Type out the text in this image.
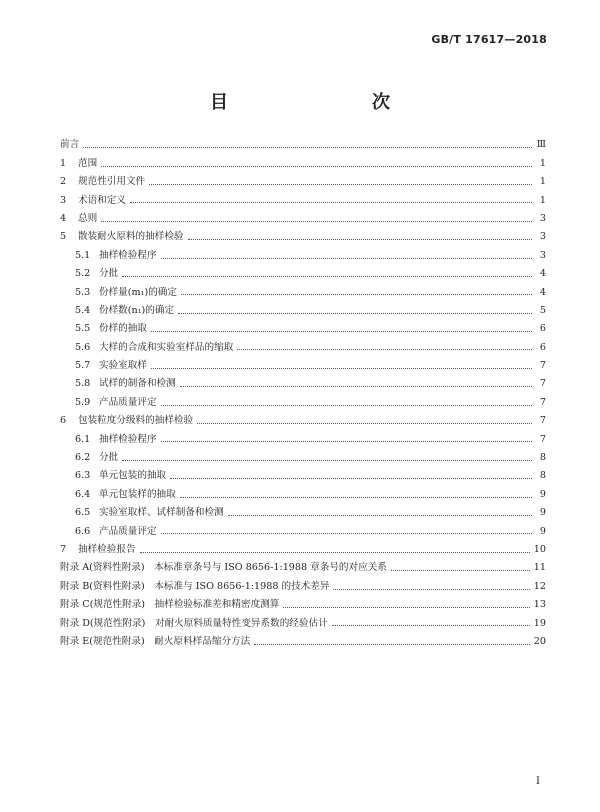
GB/T 17617—2018
目　　次
前言	Ⅲ
1	范围	1
2	规范性引用文件	1
3	术语和定义	1
4	总则	3
5	散装耐火原料的抽样检验	3
5.1 抽样检验程序	3
5.2 分批	4
5.3 份样量(m₁)的确定	4
5.4 份样数(n₁)的确定	5
5.5 份样的抽取	6
5.6 大样的合成和实验室样品的缩取	6
5.7 实验室取样	7
5.8 试样的制备和检测	7
5.9 产品质量评定	7
6	包装粒度分级料的抽样检验	7
6.1 抽样检验程序	7
6.2 分批	8
6.3 单元包装的抽取	8
6.4 单元包装样的抽取	9
6.5 实验室取样、试样制备和检测	9
6.6 产品质量评定	9
7	抽样检验报告	10
附录 A(资料性附录)　本标准章条号与 ISO 8656-1:1988 章条号的对应关系	11
附录 B(资料性附录)　本标准与 ISO 8656-1:1988 的技术差异	12
附录 C(规范性附录)　抽样检验标准差和精密度测算	13
附录 D(规范性附录)　对耐火原料质量特性变异系数的经验估计	19
附录 E(规范性附录)　耐火原料样品缩分方法	20
I
